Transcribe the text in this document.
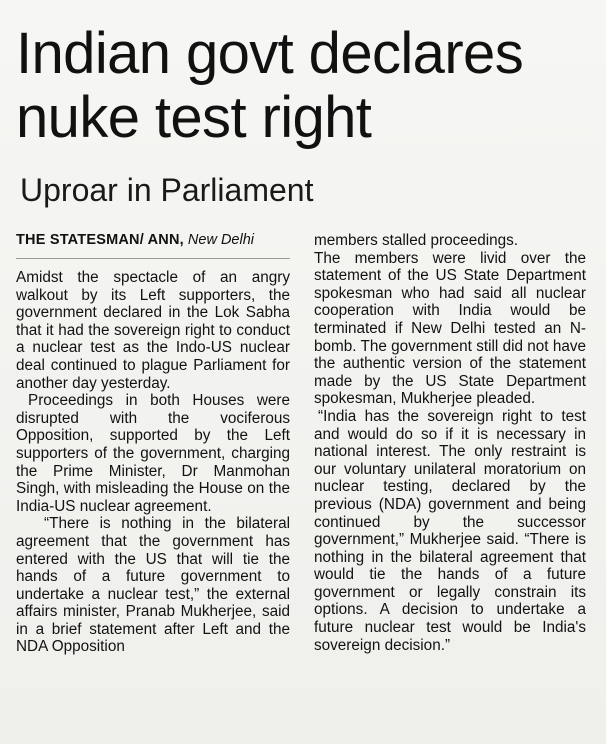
Indian govt declares nuke test right
Uproar in Parliament
THE STATESMAN/ ANN, New Delhi

Amidst the spectacle of an angry walkout by its Left supporters, the government declared in the Lok Sabha that it had the sovereign right to conduct a nuclear test as the Indo-US nuclear deal continued to plague Parliament for another day yesterday.

Proceedings in both Houses were disrupted with the vociferous Opposition, supported by the Left supporters of the government, charging the Prime Minister, Dr Manmohan Singh, with misleading the House on the India-US nuclear agreement.

“There is nothing in the bilateral agreement that the government has entered with the US that will tie the hands of a future government to undertake a nuclear test,” the external affairs minister, Pranab Mukherjee, said in a brief statement after Left and the NDA Opposition

members stalled proceedings.

The members were livid over the statement of the US State Department spokesman who had said all nuclear cooperation with India would be terminated if New Delhi tested an N-bomb. The government still did not have the authentic version of the statement made by the US State Department spokesman, Mukherjee pleaded.

“India has the sovereign right to test and would do so if it is necessary in national interest. The only restraint is our voluntary unilateral moratorium on nuclear testing, declared by the previous (NDA) government and being continued by the successor government,” Mukherjee said. “There is nothing in the bilateral agreement that would tie the hands of a future government or legally constrain its options. A decision to undertake a future nuclear test would be India's sovereign decision.”
